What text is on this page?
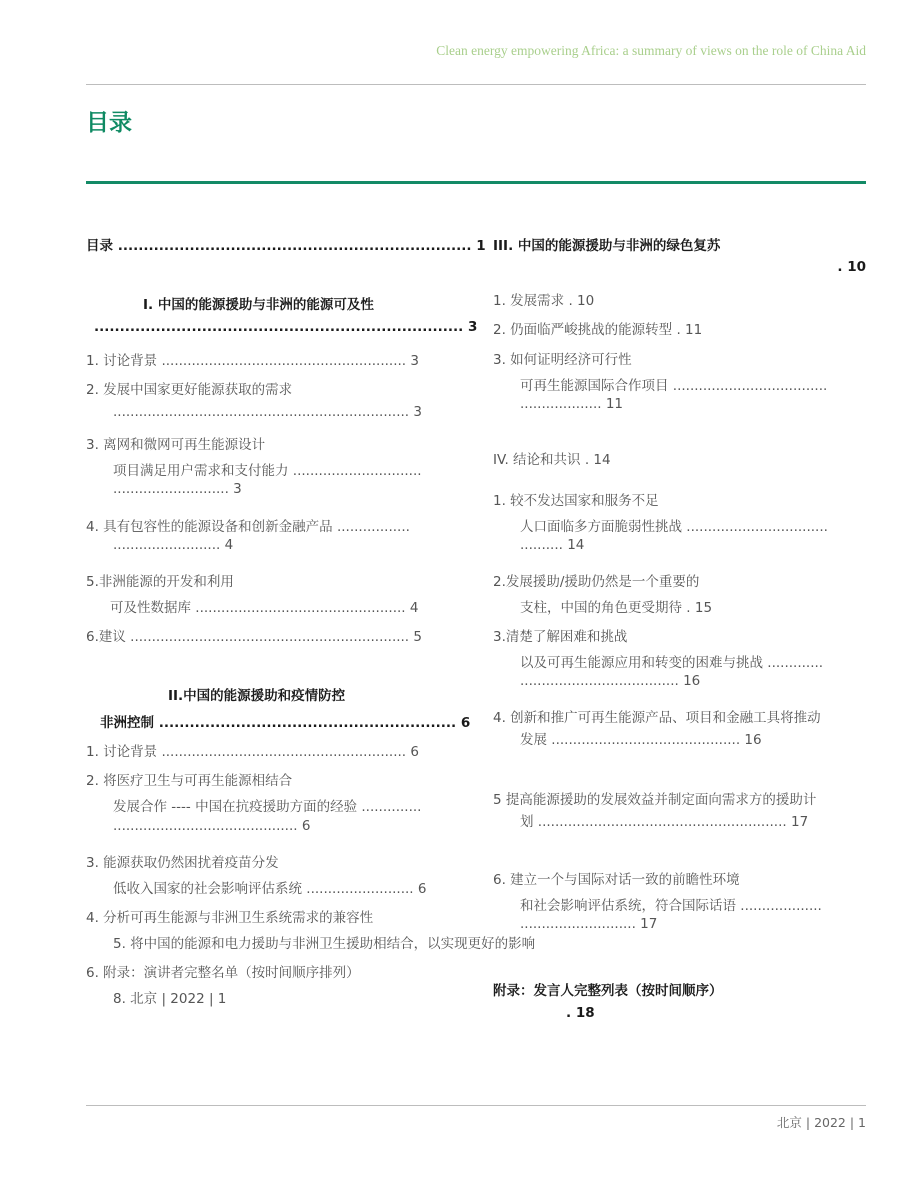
Clean energy empowering Africa: a summary of views on the role of China Aid
目录
目录 ..................................................................... 1
I. 中国的能源援助与非洲的能源可及性
........................................................................ 3
1. 讨论背景 ......................................................... 3
2. 发展中国家更好能源获取的需求
..................................................................... 3
3. 离网和微网可再生能源设计
项目满足用户需求和支付能力 ..............................
........................... 3
4. 具有包容性的能源设备和创新金融产品 .................
......................... 4
5.非洲能源的开发和利用
可及性数据库 ................................................. 4
6.建议 ................................................................. 5
II.中国的能源援助和疫情防控
非洲控制 .......................................................... 6
1. 讨论背景 ......................................................... 6
2. 将医疗卫生与可再生能源相结合
发展合作 ---- 中国在抗疫援助方面的经验 ..............
........................................... 6
3. 能源获取仍然困扰着疫苗分发
低收入国家的社会影响评估系统 ......................... 6
4. 分析可再生能源与非洲卫生系统需求的兼容性
5. 将中国的能源和电力援助与非洲卫生援助相结合，以实现更好的影响
6. 附录：演讲者完整名单（按时间顺序排列）
8. 北京 | 2022 | 1
III. 中国的能源援助与非洲的绿色复苏
. 10
1. 发展需求 . 10
2. 仍面临严峻挑战的能源转型 . 11
3. 如何证明经济可行性
可再生能源国际合作项目 ....................................
................... 11
IV. 结论和共识 . 14
1. 较不发达国家和服务不足
人口面临多方面脆弱性挑战 .................................
.......... 14
2.发展援助/援助仍然是一个重要的
支柱，中国的角色更受期待 . 15
3.清楚了解困难和挑战
以及可再生能源应用和转变的困难与挑战 .............
..................................... 16
4. 创新和推广可再生能源产品、项目和金融工具将推动
发展 ............................................ 16
5 提高能源援助的发展效益并制定面向需求方的援助计
划 .......................................................... 17
6. 建立一个与国际对话一致的前瞻性环境
和社会影响评估系统，符合国际话语 ...................
........................... 17
附录：发言人完整列表（按时间顺序）
. 18
北京 | 2022 | 1
